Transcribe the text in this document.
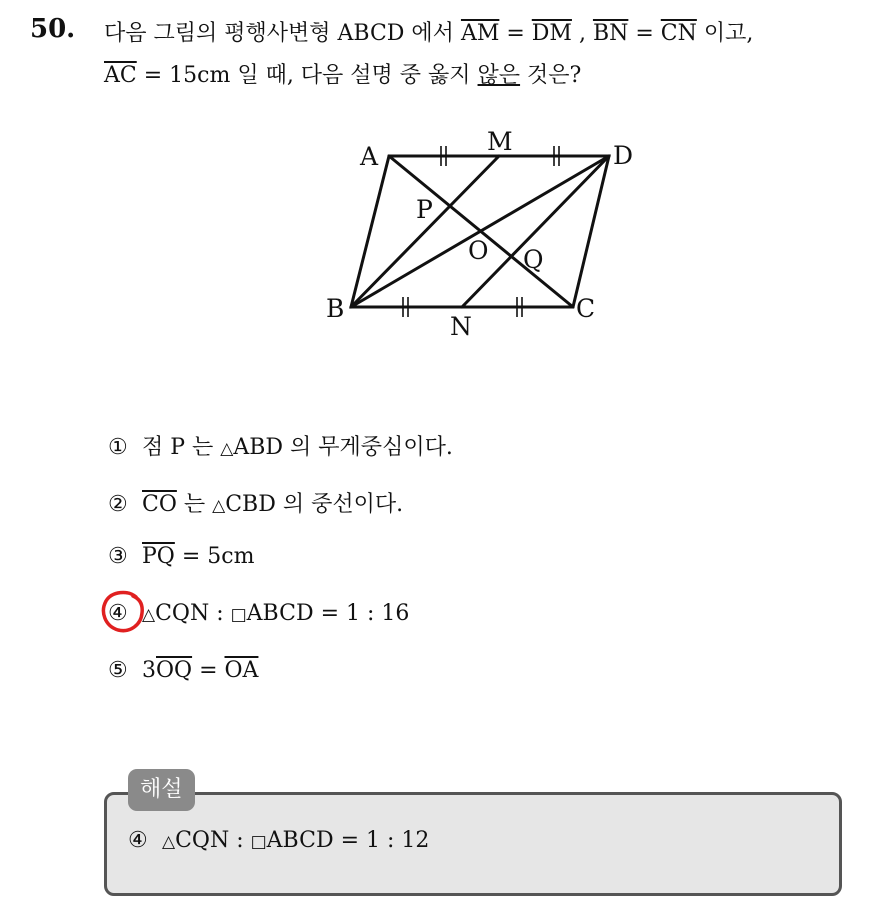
50. 다음 그림의 평행사변형 ABCD 에서 $\overline{AM} = \overline{DM}$ , $\overline{BN} = \overline{CN}$ 이고,
$\overline{AC} = 15cm$ 일 때, 다음 설명 중 옳지 않은 것은?
A
M	D
P
O Q
B
N
C
① 점 P 는 △ABD 의 무게중심이다.
② $\overline{CO}$ 는 △CBD 의 중선이다.
③ $\overline{PQ} = 5cm$
④ △CQN : □ABCD = 1 : 16
⑤ $3\overline{OQ} = \overline{OA}$
해설
④ △CQN : □ABCD = 1 : 12
